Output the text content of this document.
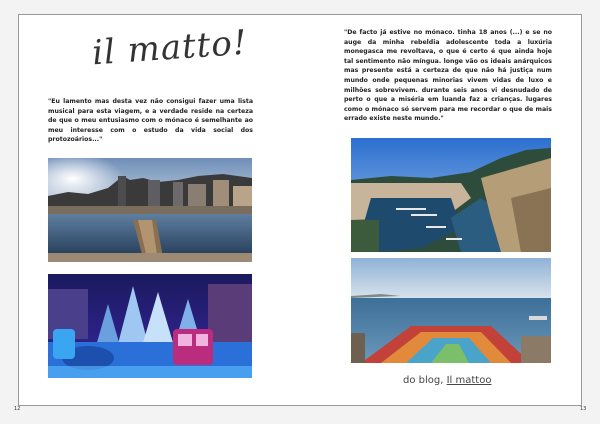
il matto!
"Eu lamento mas desta vez não consigui fazer uma lista musical para esta viagem, e a verdade reside na certeza de que o meu entusiasmo com o mónaco é semelhante ao meu interesse com o estudo da vida social dos protozoários..."
"De facto já estive no mónaco. tinha 18 anos (...) e se no auge da minha rebeldia adolescente toda a luxúria monegasca me revoltava, o que é certo é que ainda hoje tal sentimento não míngua. longe vão os ideais anárquicos mas presente está a certeza de que não há justiça num mundo onde pequenas minorias vivem vidas de luxo e milhões sobrevivem. durante seis anos vi desnudado de perto o que a miséria em luanda faz a crianças. lugares como o mónaco só servem para me recordar o que de mais errado existe neste mundo."
do blog, Il mattoo
12	13
